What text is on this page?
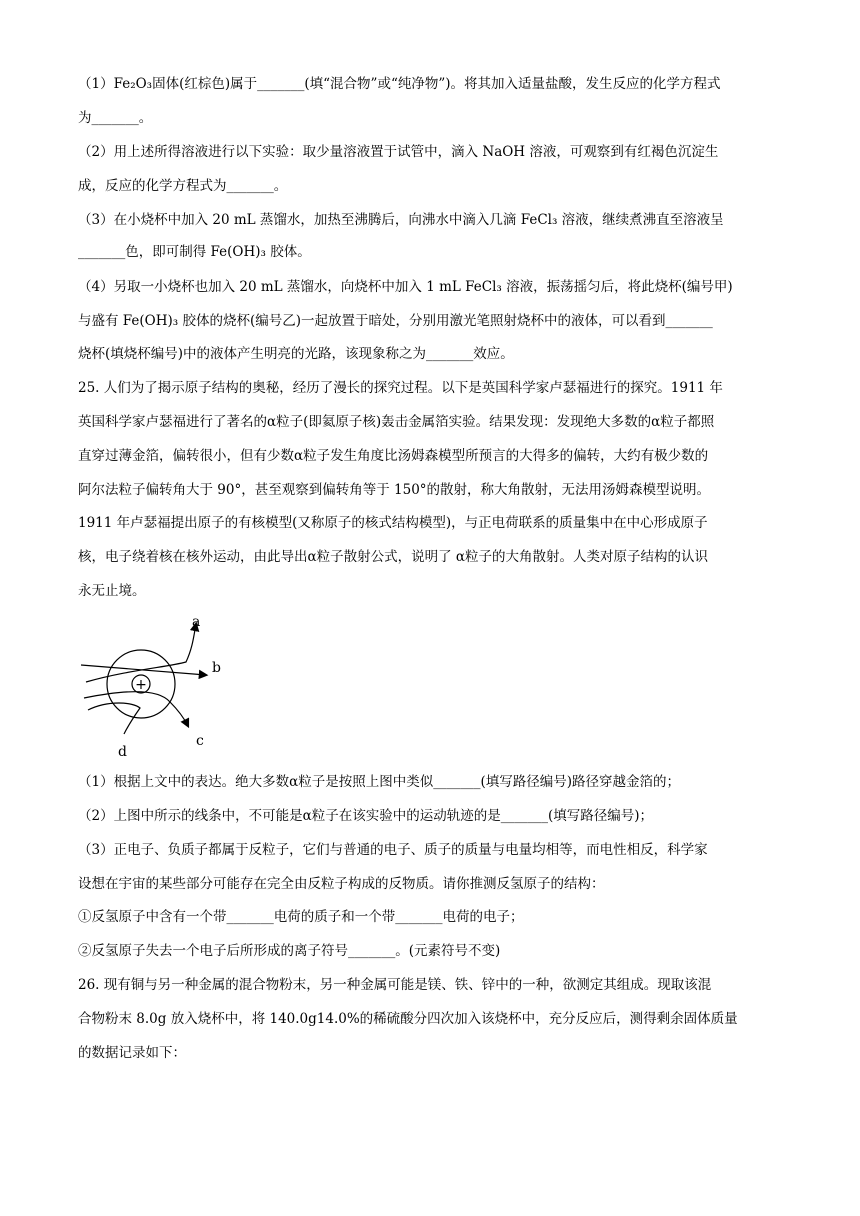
（1）Fe₂O₃固体(红棕色)属于_______(填“混合物”或“纯净物”)。将其加入适量盐酸，发生反应的化学方程式
为_______。
（2）用上述所得溶液进行以下实验：取少量溶液置于试管中，滴入 NaOH 溶液，可观察到有红褐色沉淀生
成，反应的化学方程式为_______。
（3）在小烧杯中加入 20 mL 蒸馏水，加热至沸腾后，向沸水中滴入几滴 FeCl₃ 溶液，继续煮沸直至溶液呈
_______色，即可制得 Fe(OH)₃ 胶体。
（4）另取一小烧杯也加入 20 mL 蒸馏水，向烧杯中加入 1 mL FeCl₃ 溶液，振荡摇匀后，将此烧杯(编号甲)
与盛有 Fe(OH)₃ 胶体的烧杯(编号乙)一起放置于暗处，分别用激光笔照射烧杯中的液体，可以看到_______
烧杯(填烧杯编号)中的液体产生明亮的光路，该现象称之为_______效应。
25. 人们为了揭示原子结构的奥秘，经历了漫长的探究过程。以下是英国科学家卢瑟福进行的探究。1911 年
英国科学家卢瑟福进行了著名的α粒子(即氦原子核)轰击金属箔实验。结果发现：发现绝大多数的α粒子都照
直穿过薄金箔，偏转很小，但有少数α粒子发生角度比汤姆森模型所预言的大得多的偏转，大约有极少数的
阿尔法粒子偏转角大于 90°，甚至观察到偏转角等于 150°的散射，称大角散射，无法用汤姆森模型说明。
1911 年卢瑟福提出原子的有核模型(又称原子的核式结构模型)，与正电荷联系的质量集中在中心形成原子
核，电子绕着核在核外运动，由此导出α粒子散射公式，说明了 α粒子的大角散射。人类对原子结构的认识
永无止境。
+
a
b
c
d
（1）根据上文中的表达。绝大多数α粒子是按照上图中类似_______(填写路径编号)路径穿越金箔的；
（2）上图中所示的线条中，不可能是α粒子在该实验中的运动轨迹的是_______(填写路径编号)；
（3）正电子、负质子都属于反粒子，它们与普通的电子、质子的质量与电量均相等，而电性相反，科学家
设想在宇宙的某些部分可能存在完全由反粒子构成的反物质。请你推测反氢原子的结构：
①反氢原子中含有一个带_______电荷的质子和一个带_______电荷的电子；
②反氢原子失去一个电子后所形成的离子符号_______。(元素符号不变)
26. 现有铜与另一种金属的混合物粉末，另一种金属可能是镁、铁、锌中的一种，欲测定其组成。现取该混
合物粉末 8.0g 放入烧杯中，将 140.0g14.0%的稀硫酸分四次加入该烧杯中，充分反应后，测得剩余固体质量
的数据记录如下：
